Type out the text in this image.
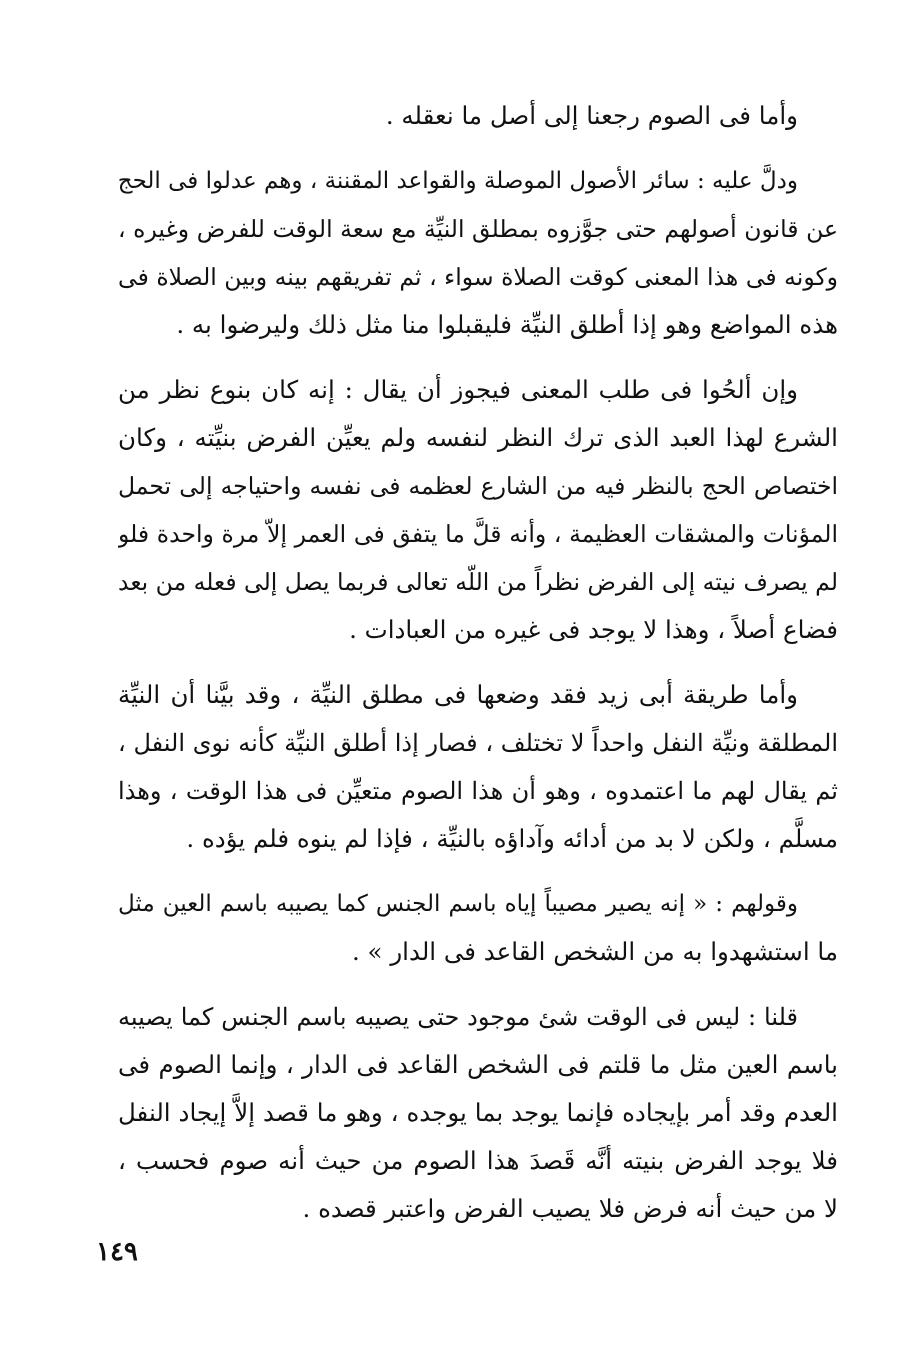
وأما فى الصوم رجعنا إلى أصل ما نعقله .
ودلَّ عليه : سائر الأصول الموصلة والقواعد المقننة ، وهم عدلوا فى الحج
عن قانون أصولهم حتى جوَّزوه بمطلق النيِّة مع سعة الوقت للفرض وغيره ،
وكونه فى هذا المعنى كوقت الصلاة سواء ، ثم تفريقهم بينه وبين الصلاة فى
هذه المواضع وهو إذا أطلق النيِّة فليقبلوا منا مثل ذلك وليرضوا به .
وإن ألحُوا فى طلب المعنى فيجوز أن يقال : إنه كان بنوع نظر من
الشرع لهذا العبد الذى ترك النظر لنفسه ولم يعيِّن الفرض بنيِّته ، وكان
اختصاص الحج بالنظر فيه من الشارع لعظمه فى نفسه واحتياجه إلى تحمل
المؤنات والمشقات العظيمة ، وأنه قلَّ ما يتفق فى العمر إلاّ مرة واحدة فلو
لم يصرف نيته إلى الفرض نظراً من اللّه تعالى فربما يصل إلى فعله من بعد
فضاع أصلاً ، وهذا لا يوجد فى غيره من العبادات .
وأما طريقة أبى زيد فقد وضعها فى مطلق النيِّة ، وقد بيَّنا أن النيِّة
المطلقة ونيِّة النفل واحداً لا تختلف ، فصار إذا أطلق النيِّة كأنه نوى النفل ،
ثم يقال لهم ما اعتمدوه ، وهو أن هذا الصوم متعيِّن فى هذا الوقت ، وهذا
مسلَّم ، ولكن لا بد من أدائه وآداؤه بالنيِّة ، فإذا لم ينوه فلم يؤده .
وقولهم : « إنه يصير مصيباً إياه باسم الجنس كما يصيبه باسم العين مثل
ما استشهدوا به من الشخص القاعد فى الدار » .
قلنا : ليس فى الوقت شئ موجود حتى يصيبه باسم الجنس كما يصيبه
باسم العين مثل ما قلتم فى الشخص القاعد فى الدار ، وإنما الصوم فى
العدم وقد أمر بإيجاده فإنما يوجد بما يوجده ، وهو ما قصد إلاَّ إيجاد النفل
فلا يوجد الفرض بنيته أنَّه قَصدَ هذا الصوم من حيث أنه صوم فحسب ،
لا من حيث أنه فرض فلا يصيب الفرض واعتبر قصده .
١٤٩
